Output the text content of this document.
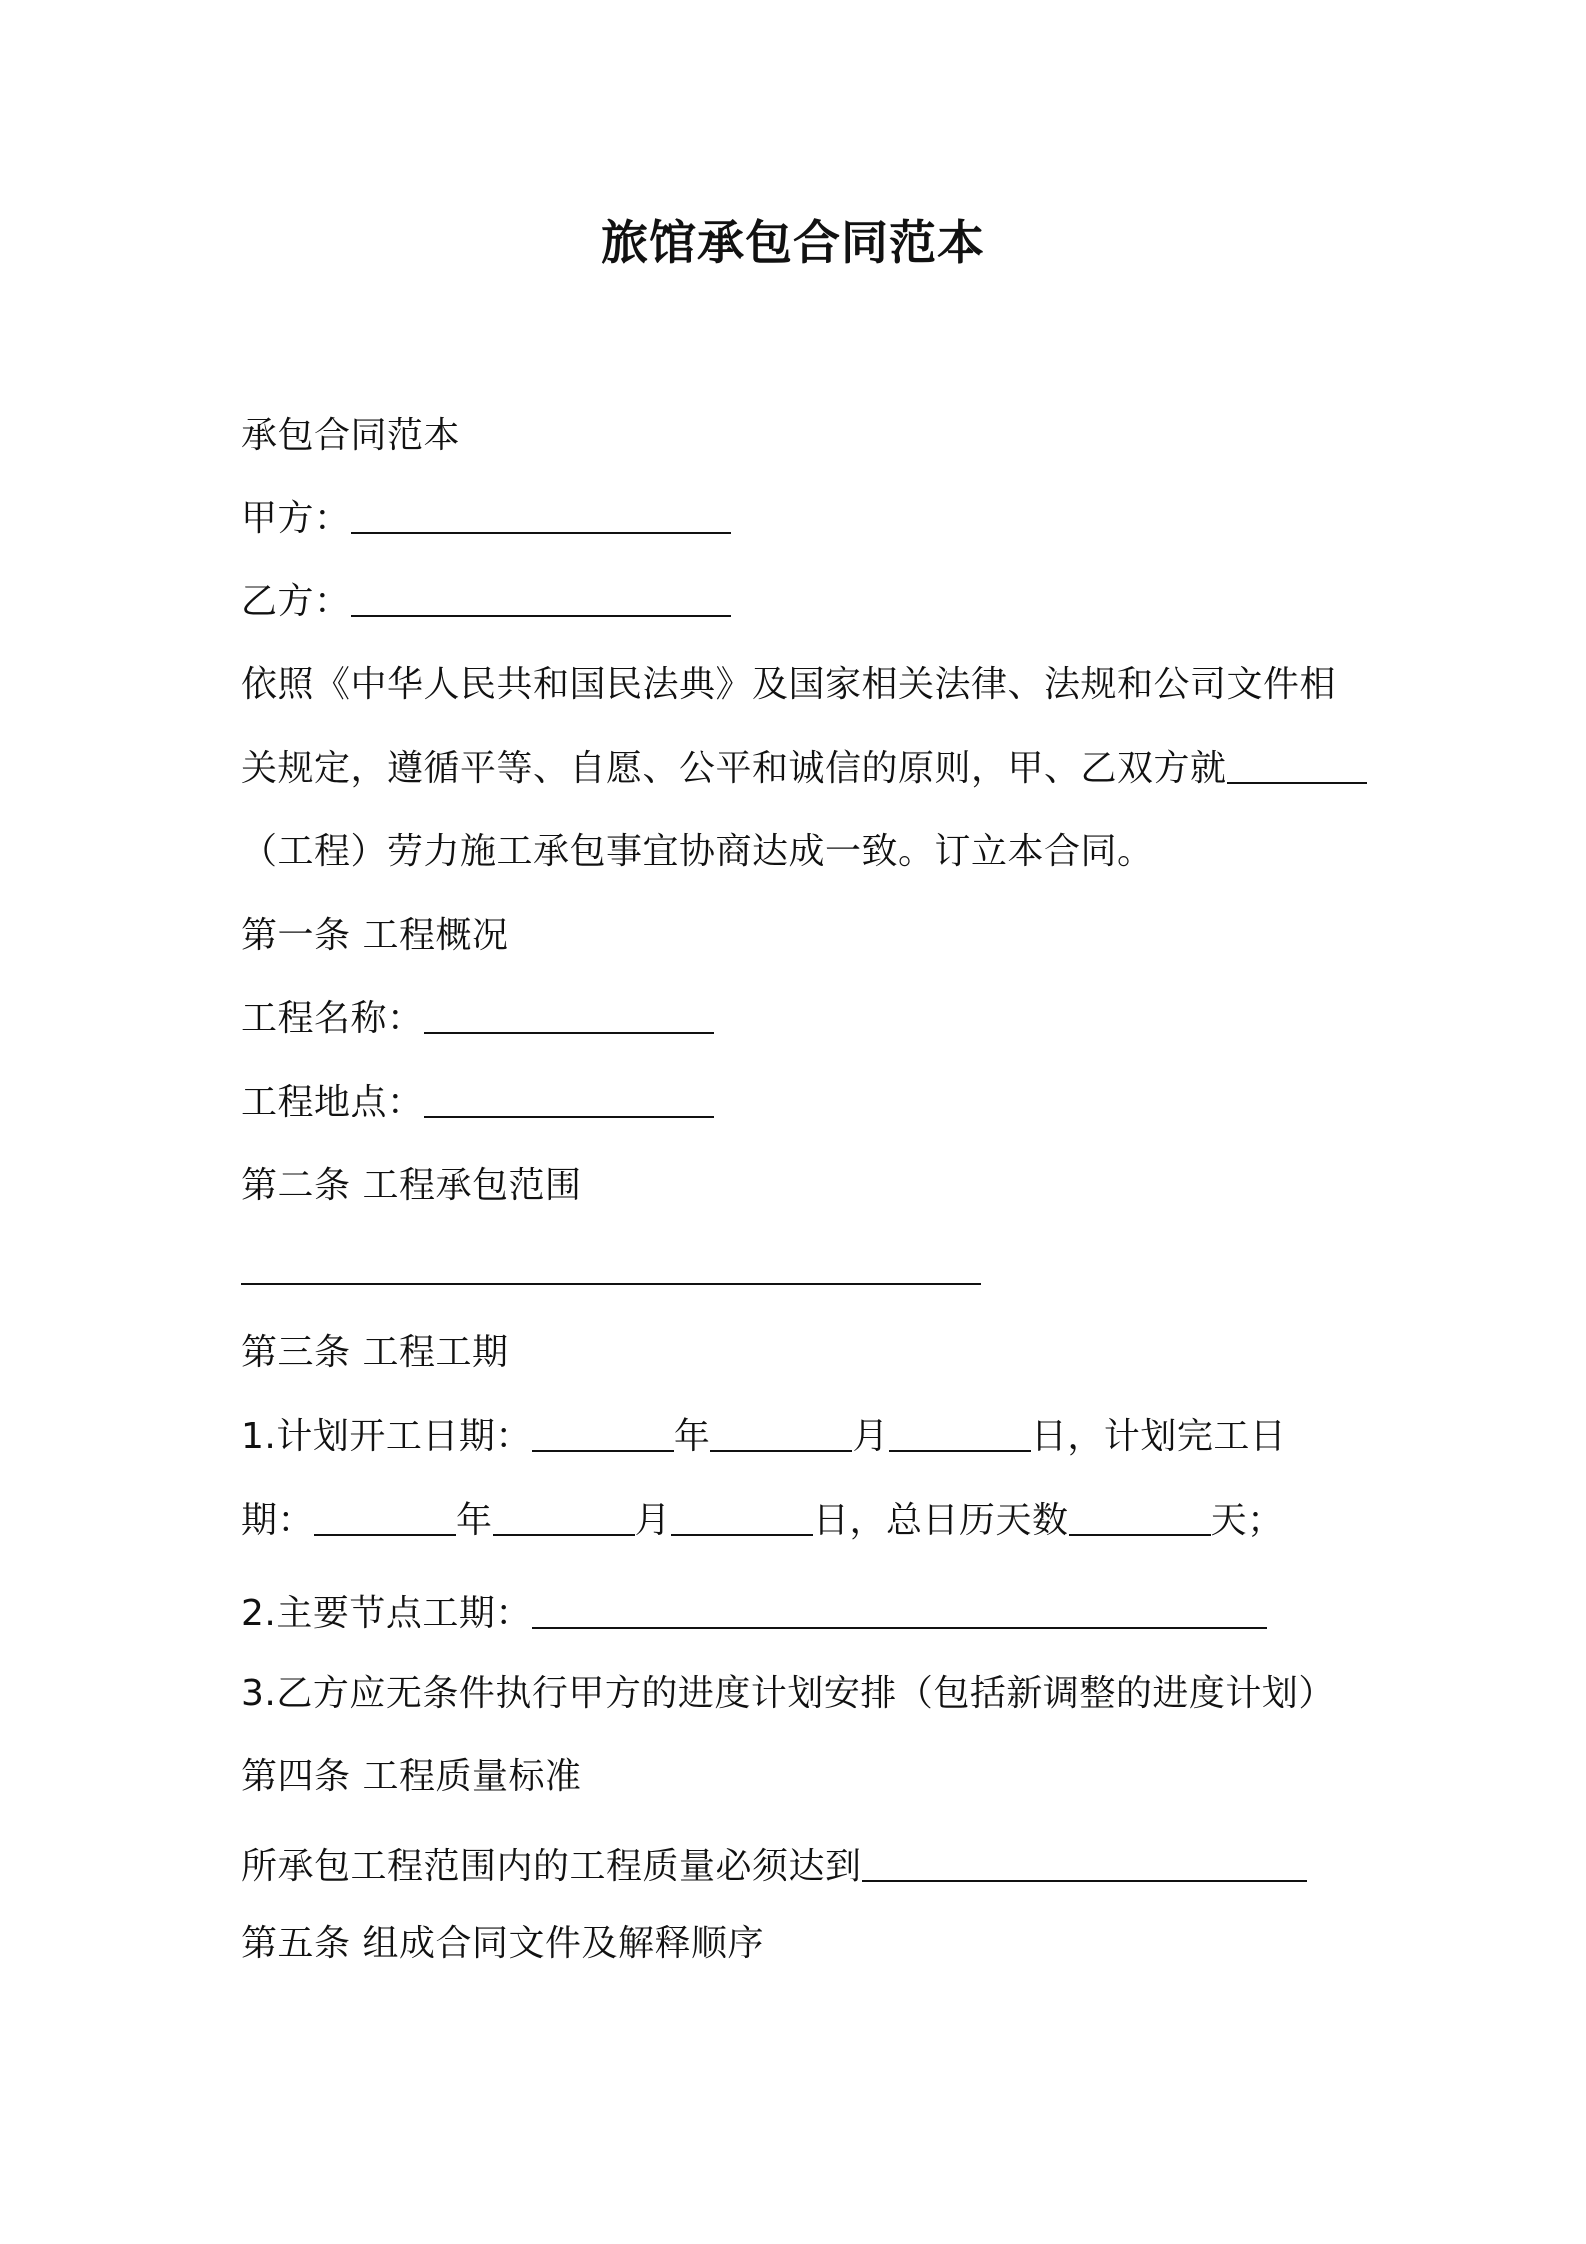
旅馆承包合同范本
承包合同范本
甲方：
乙方：
依照《中华人民共和国民法典》及国家相关法律、法规和公司文件相
关规定，遵循平等、自愿、公平和诚信的原则，甲、乙双方就
（工程）劳力施工承包事宜协商达成一致。订立本合同。
第一条 工程概况
工程名称：
工程地点：
第二条 工程承包范围
第三条 工程工期
1.计划开工日期：	年	月	日，计划完工日
期：	年	月	日，总日历天数	天；
2.主要节点工期：
3.乙方应无条件执行甲方的进度计划安排（包括新调整的进度计划）
第四条 工程质量标准
所承包工程范围内的工程质量必须达到
第五条 组成合同文件及解释顺序
